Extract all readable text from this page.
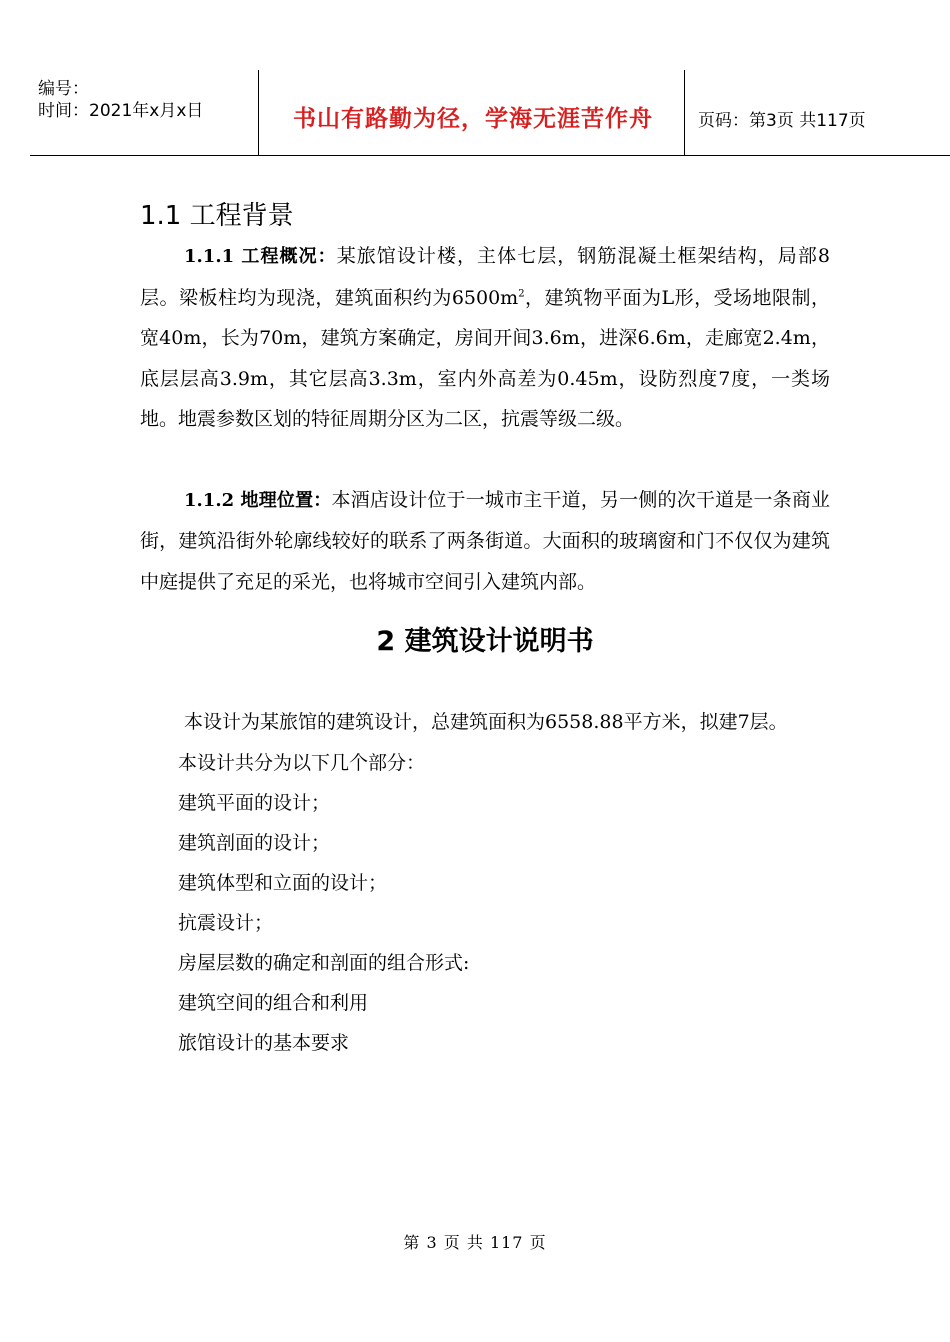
编号：
时间：2021年x月x日	书山有路勤为径，学海无涯苦作舟	页码：第3页 共117页
1.1 工程背景

1.1.1 工程概况：某旅馆设计楼，主体七层，钢筋混凝土框架结构，局部8层。梁板柱均为现浇，建筑面积约为$6500m^2$，建筑物平面为L形，受场地限制，宽40m，长为70m，建筑方案确定，房间开间3.6m，进深6.6m，走廊宽2.4m，底层层高3.9m，其它层高3.3m，室内外高差为0.45m，设防烈度7度，一类场地。地震参数区划的特征周期分区为二区，抗震等级二级。

1.1.2 地理位置：本酒店设计位于一城市主干道，另一侧的次干道是一条商业街，建筑沿街外轮廓线较好的联系了两条街道。大面积的玻璃窗和门不仅仅为建筑中庭提供了充足的采光，也将城市空间引入建筑内部。

2 建筑设计说明书

本设计为某旅馆的建筑设计，总建筑面积为6558.88平方米，拟建7层。

本设计共分为以下几个部分：
建筑平面的设计；
建筑剖面的设计；
建筑体型和立面的设计；
抗震设计；
房屋层数的确定和剖面的组合形式:
建筑空间的组合和利用
旅馆设计的基本要求
第 3 页 共 117 页
